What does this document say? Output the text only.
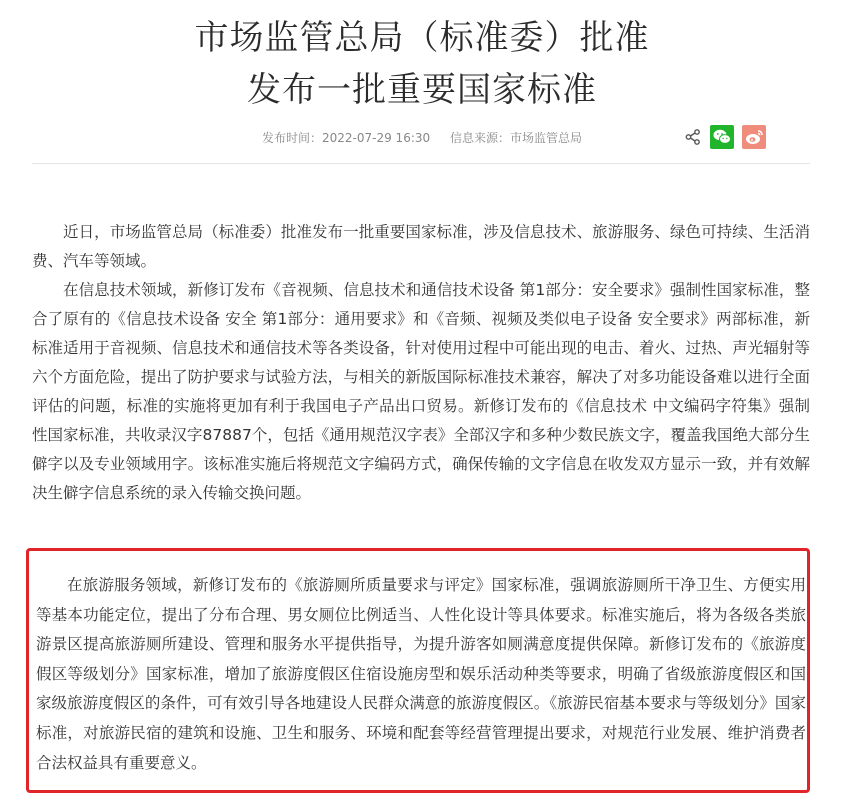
市场监管总局（标准委）批准
发布一批重要国家标准
发布时间：2022-07-29 16:30 信息来源：市场监管总局

近日，市场监管总局（标准委）批准发布一批重要国家标准，涉及信息技术、旅游服务、绿色可持续、生活消费、汽车等领域。

在信息技术领域，新修订发布《音视频、信息技术和通信技术设备 第1部分：安全要求》强制性国家标准，整合了原有的《信息技术设备 安全 第1部分：通用要求》和《音频、视频及类似电子设备 安全要求》两部标准，新标准适用于音视频、信息技术和通信技术等各类设备，针对使用过程中可能出现的电击、着火、过热、声光辐射等六个方面危险，提出了防护要求与试验方法，与相关的新版国际标准技术兼容，解决了对多功能设备难以进行全面评估的问题，标准的实施将更加有利于我国电子产品出口贸易。新修订发布的《信息技术 中文编码字符集》强制性国家标准，共收录汉字87887个，包括《通用规范汉字表》全部汉字和多种少数民族文字，覆盖我国绝大部分生僻字以及专业领域用字。该标准实施后将规范文字编码方式，确保传输的文字信息在收发双方显示一致，并有效解决生僻字信息系统的录入传输交换问题。

在旅游服务领域，新修订发布的《旅游厕所质量要求与评定》国家标准，强调旅游厕所干净卫生、方便实用等基本功能定位，提出了分布合理、男女厕位比例适当、人性化设计等具体要求。标准实施后，将为各级各类旅游景区提高旅游厕所建设、管理和服务水平提供指导，为提升游客如厕满意度提供保障。新修订发布的《旅游度假区等级划分》国家标准，增加了旅游度假区住宿设施房型和娱乐活动种类等要求，明确了省级旅游度假区和国家级旅游度假区的条件，可有效引导各地建设人民群众满意的旅游度假区。《旅游民宿基本要求与等级划分》国家标准，对旅游民宿的建筑和设施、卫生和服务、环境和配套等经营管理提出要求，对规范行业发展、维护消费者合法权益具有重要意义。
